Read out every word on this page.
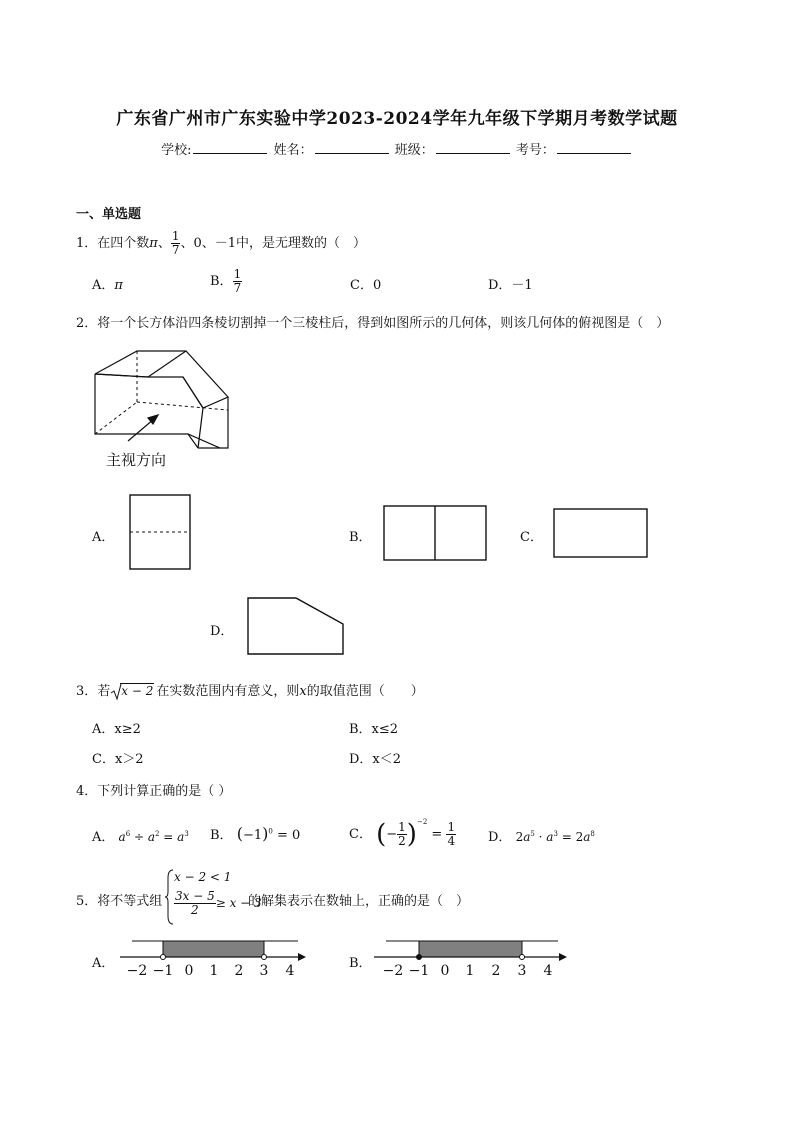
广东省广州市广东实验中学2023-2024学年九年级下学期月考数学试题
学校:	姓名：	班级：	考号：
一、单选题
1．在四个数π、 $\frac{1}{7}$ 、0、－1中，是无理数的（　）
A．π	B． $\frac{1}{7}$	C．0	D．－1
2．将一个长方体沿四条棱切割掉一个三棱柱后，得到如图所示的几何体，则该几何体的俯视图是（　）
主视方向
A．	B．	C．
D．
3．若 x − 2 在实数范围内有意义，则x的取值范围（　　）
A．x≥2	B．x≤2
C．x＞2	D．x＜2
4．下列计算正确的是（ ）
A． $a^6 \div a^2 = a^3$ B． $(-1)^0 = 0$	C． (− $\frac{1}{2} )^{-2} = \frac{1}{4}$ D． $2a^5 \cdot a^3 = 2a^8$
5．将不等式组
x − 2 < 1
$\frac{3x - 5}{2} \ge x - 3$
的解集表示在数轴上，正确的是（　）
A． −2 −1 0 1 2 3 4	B． −2 −1 0 1 2 3 4
